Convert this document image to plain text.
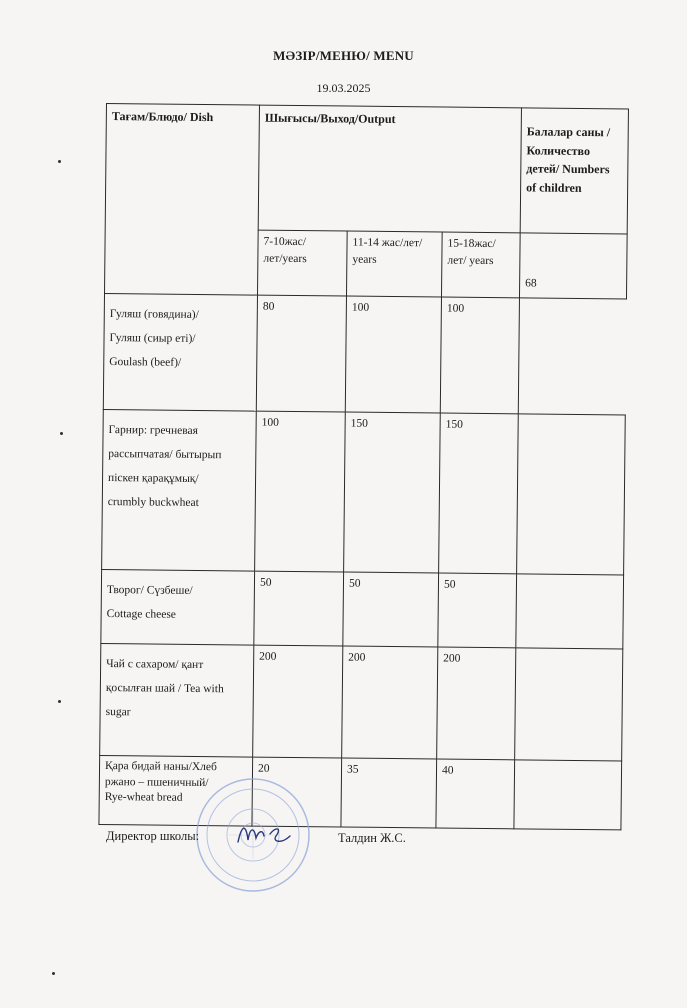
МӘЗІР/МЕНЮ/ MENU
19.03.2025
Тағам/Блюдо/ Dish	Шығысы/Выход/Output			Балалар саны /Количество детей/ Numbers of children
	7-10жас/лет/years	11-14 жас/лет/ years	15-18жас/лет/ years	68

Гуляш (говядина)/
Гуляш (сиыр еті)/
Goulash (beef)/	80	100	100	

Гарнир: гречневая
рассыпчатая/ бытырып
піскен қарақұмық/
crumbly buckwheat	100	150	150	

Творог/ Сүзбеше/
Cottage cheese	50	50	50	

Чай с сахаром/ қант
қосылған шай / Tea with
sugar	200	200	200	

Қара бидай наны/Хлеб
ржано – пшеничный/
Rye-wheat bread	20	35	40	
Директор школы:	Талдин Ж.С.
